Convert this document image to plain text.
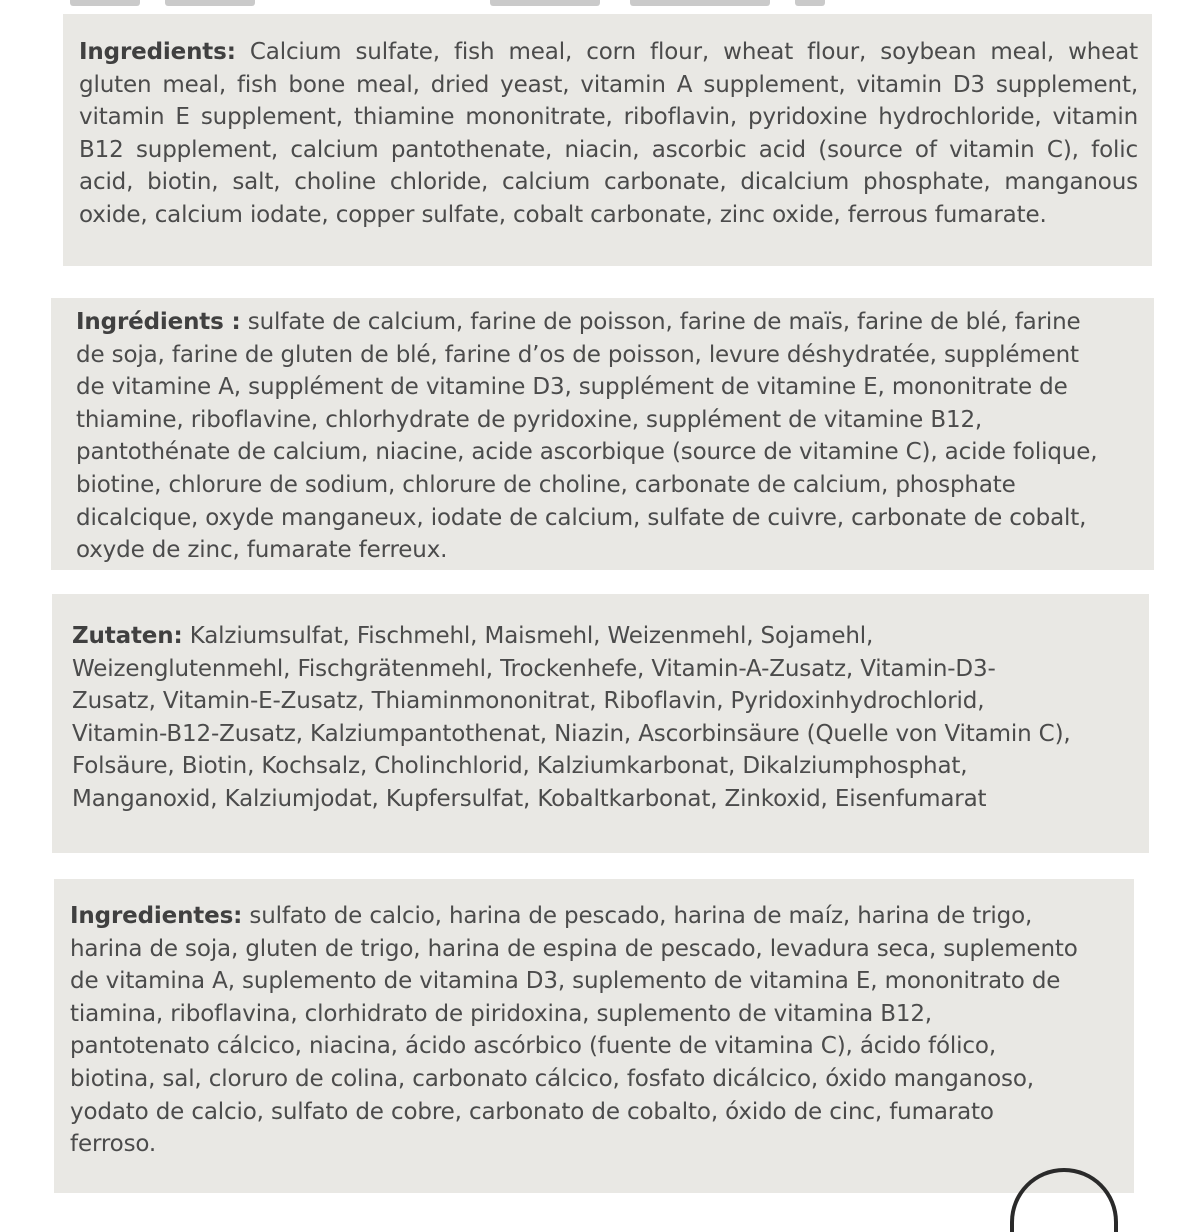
Ingredients: Calcium sulfate, fish meal, corn flour, wheat flour, soybean meal, wheat gluten meal, fish bone meal, dried yeast, vitamin A supplement, vitamin D3 supplement, vitamin E supplement, thiamine mononitrate, riboflavin, pyridoxine hydrochloride, vitamin B12 supplement, calcium pantothenate, niacin, ascorbic acid (source of vitamin C), folic acid, biotin, salt, choline chloride, calcium carbonate, dicalcium phosphate, manganous oxide, calcium iodate, copper sulfate, cobalt carbonate, zinc oxide, ferrous fumarate.

Ingrédients : sulfate de calcium, farine de poisson, farine de maïs, farine de blé, farine
de soja, farine de gluten de blé, farine d’os de poisson, levure déshydratée, supplément
de vitamine A, supplément de vitamine D3, supplément de vitamine E, mononitrate de
thiamine, riboflavine, chlorhydrate de pyridoxine, supplément de vitamine B12,
pantothénate de calcium, niacine, acide ascorbique (source de vitamine C), acide folique,
biotine, chlorure de sodium, chlorure de choline, carbonate de calcium, phosphate
dicalcique, oxyde manganeux, iodate de calcium, sulfate de cuivre, carbonate de cobalt,
oxyde de zinc, fumarate ferreux.

Zutaten: Kalziumsulfat, Fischmehl, Maismehl, Weizenmehl, Sojamehl,
Weizenglutenmehl, Fischgrätenmehl, Trockenhefe, Vitamin-A-Zusatz, Vitamin-D3-
Zusatz, Vitamin-E-Zusatz, Thiaminmononitrat, Riboflavin, Pyridoxinhydrochlorid,
Vitamin-B12-Zusatz, Kalziumpantothenat, Niazin, Ascorbinsäure (Quelle von Vitamin C),
Folsäure, Biotin, Kochsalz, Cholinchlorid, Kalziumkarbonat, Dikalziumphosphat,
Manganoxid, Kalziumjodat, Kupfersulfat, Kobaltkarbonat, Zinkoxid, Eisenfumarat

Ingredientes: sulfato de calcio, harina de pescado, harina de maíz, harina de trigo,
harina de soja, gluten de trigo, harina de espina de pescado, levadura seca, suplemento
de vitamina A, suplemento de vitamina D3, suplemento de vitamina E, mononitrato de
tiamina, riboflavina, clorhidrato de piridoxina, suplemento de vitamina B12,
pantotenato cálcico, niacina, ácido ascórbico (fuente de vitamina C), ácido fólico,
biotina, sal, cloruro de colina, carbonato cálcico, fosfato dicálcico, óxido manganoso,
yodato de calcio, sulfato de cobre, carbonato de cobalto, óxido de cinc, fumarato
ferroso.
